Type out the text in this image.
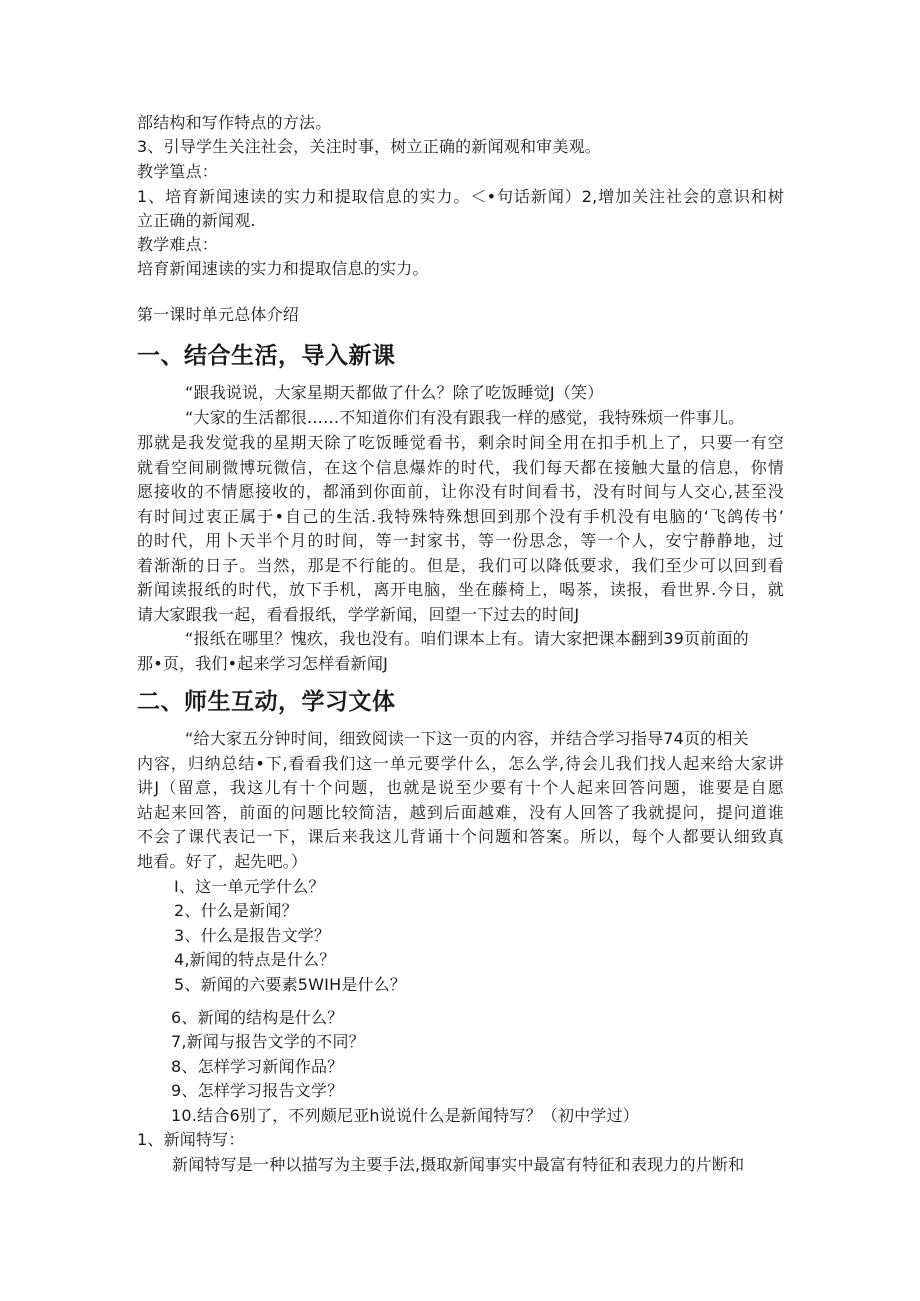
部结构和写作特点的方法。

3、引导学生关注社会，关注时事，树立正确的新闻观和审美观。

教学篁点：

1、培育新闻速读的实力和提取信息的实力。＜•句话新闻）2,增加关注社会的意识和树

立正确的新闻观.

教学难点：

培育新闻速读的实力和提取信息的实力。

第一课时单元总体介绍

一、结合生活，导入新课

“跟我说说，大家星期天都做了什么？除了吃饭睡觉J（笑）

“大家的生活都很……不知道你们有没有跟我一样的感觉，我特殊烦一件事儿。

那就是我发觉我的星期天除了吃饭睡觉看书，剩余时间全用在扣手机上了，只要一有空

就看空间刷微博玩微信，在这个信息爆炸的时代，我们每天都在接触大量的信息，你情

愿接收的不情愿接收的，都涌到你面前，让你没有时间看书，没有时间与人交心,甚至没

有时间过衷正属于•自己的生活.我特殊特殊想回到那个没有手机没有电脑的‘飞鸽传书’

的时代，用卜天半个月的时间，等一封家书，等一份思念，等一个人，安宁静静地，过

着渐渐的日子。当然，那是不行能的。但是，我们可以降低要求，我们至少可以回到看

新闻读报纸的时代，放下手机，离开电脑，坐在藤椅上，喝茶，读报，看世界.今日，就

请大家跟我一起，看看报纸，学学新闻，回望一下过去的时间J

“报纸在哪里？愧疚，我也没有。咱们课本上有。请大家把课本翻到39页前面的

那•页，我们•起来学习怎样看新闻J

二、师生互动，学习文体

“给大家五分钟时间，细致阅读一下这一页的内容，并结合学习指导74页的相关

内容，归纳总结•下,看看我们这一单元要学什么，怎么学,待会儿我们找人起来给大家讲

讲J（留意，我这儿有十个问题，也就是说至少要有十个人起来回答问题，谁要是自愿

站起来回答，前面的问题比较简洁，越到后面越难，没有人回答了我就提问，提问道谁

不会了课代表记一下，课后来我这儿背诵十个问题和答案。所以，每个人都要认细致真

地看。好了，起先吧。）

I、这一单元学什么？

2、什么是新闻？

3、什么是报告文学？

4,新闻的特点是什么？

5、新闻的六要素5WIH是什么？

6、新闻的结构是什么？

7,新闻与报告文学的不同？

8、怎样学习新闻作品？

9、怎样学习报告文学？

10.结合6别了，不列颇尼亚h说说什么是新闻特写？（初中学过）

1、新闻特写：

新闻特写是一种以描写为主要手法,摄取新闻事实中最富有特征和表现力的片断和
